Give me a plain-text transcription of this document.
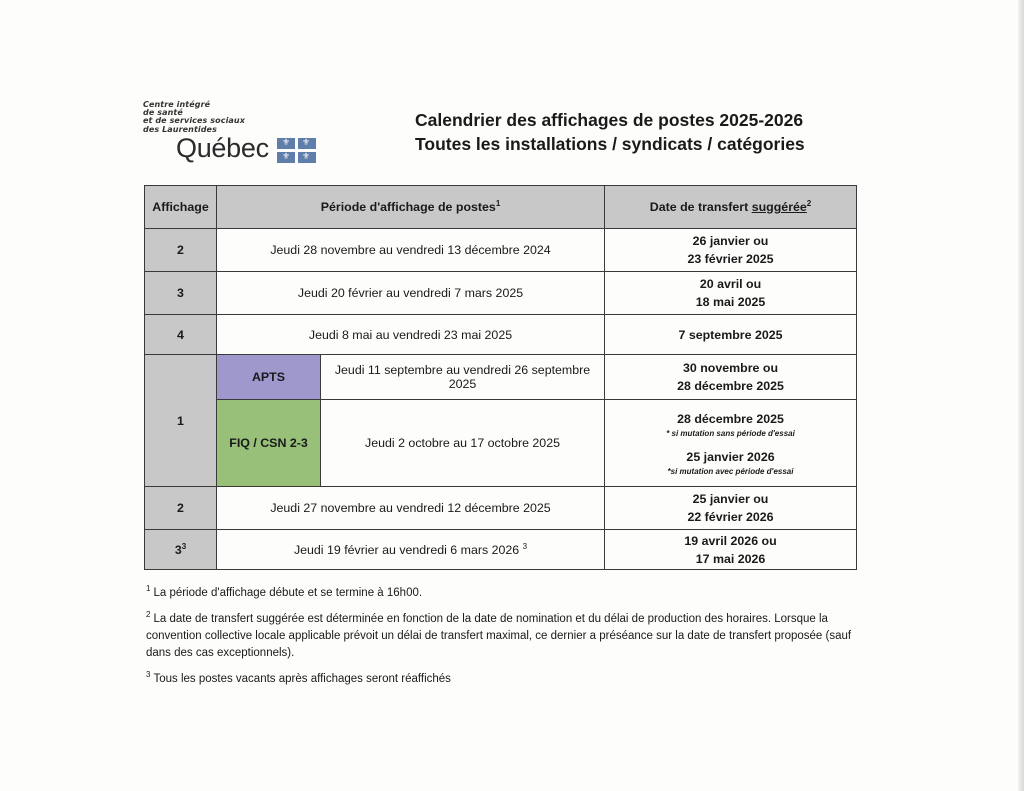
Centre intégré
de santé
et de services sociaux
des Laurentides
Québec ⚜ ⚜
⚜ ⚜
Calendrier des affichages de postes 2025-2026
Toutes les installations / syndicats / catégories
Affichage	Période d'affichage de postes$^1$		Date de transfert suggérée$^2$
2	Jeudi 28 novembre au vendredi 13 décembre 2024		26 janvier ou
23 février 2025

3	Jeudi 20 février au vendredi 7 mars 2025		20 avril ou
18 mai 2025

4	Jeudi 8 mai au vendredi 23 mai 2025		7 septembre 2025
1	APTS	Jeudi 11 septembre au vendredi 26 septembre 2025	30 novembre ou
28 décembre 2025

	FIQ / CSN 2-3	Jeudi 2 octobre au 17 octobre 2025	28 décembre 2025
* si mutation sans période d'essai
25 janvier 2026
*si mutation avec période d'essai

2	Jeudi 27 novembre au vendredi 12 décembre 2025		25 janvier ou
22 février 2026

$3^3$	Jeudi 19 février au vendredi 6 mars 2026 $^3$		19 avril 2026 ou
17 mai 2026

$^1$ La période d'affichage débute et se termine à 16h00.

$^2$ La date de transfert suggérée est déterminée en fonction de la date de nomination et du délai de production des horaires. Lorsque la convention collective locale applicable prévoit un délai de transfert maximal, ce dernier a préséance sur la date de transfert proposée (sauf dans des cas exceptionnels).

$^3$ Tous les postes vacants après affichages seront réaffichés
